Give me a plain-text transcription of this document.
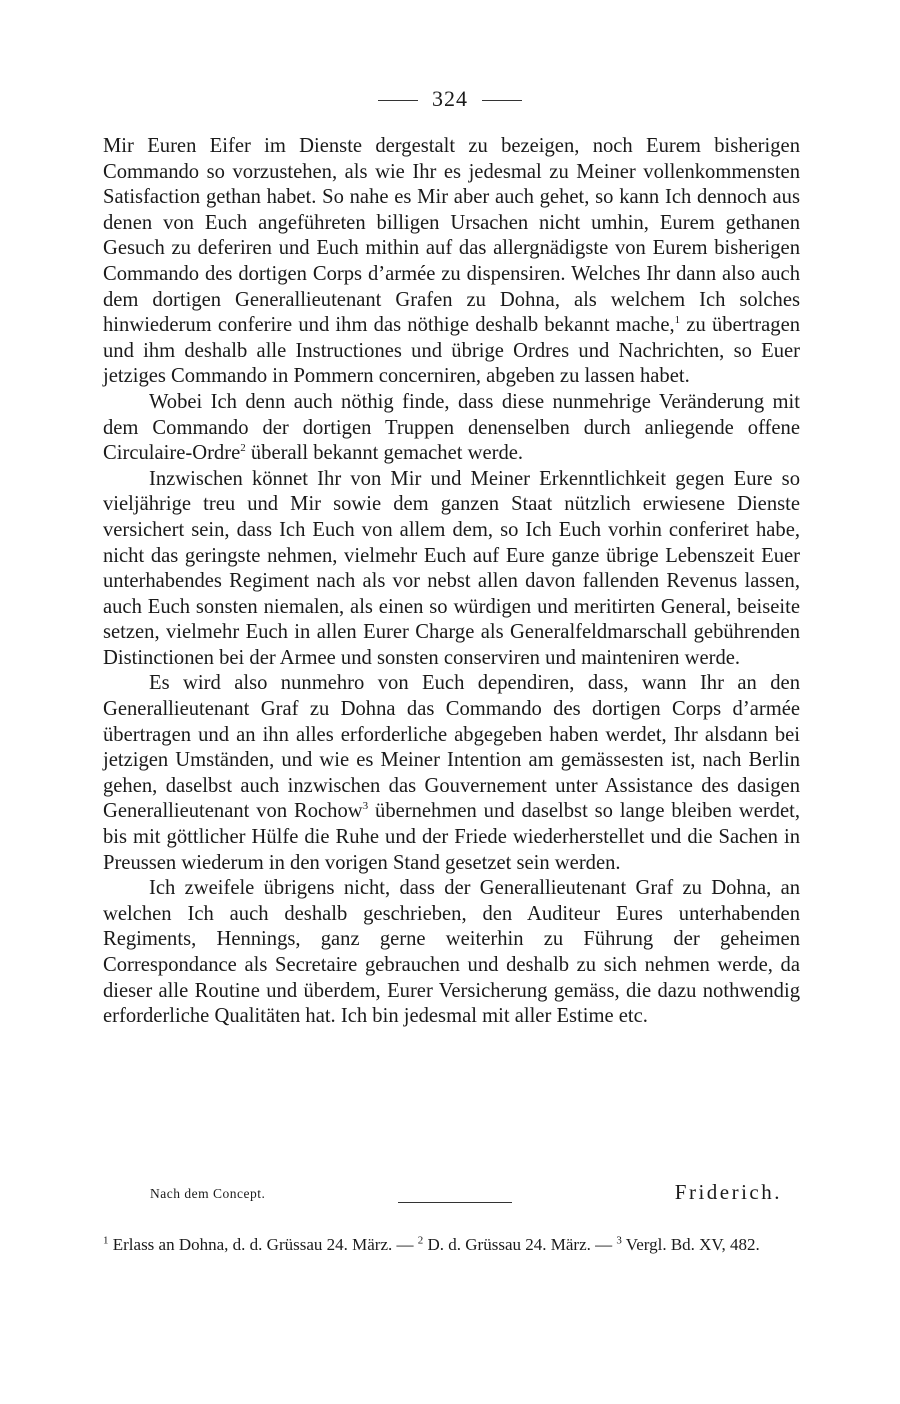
324

Mir Euren Eifer im Dienste dergestalt zu bezeigen, noch Eurem bisherigen Commando so vorzustehen, als wie Ihr es jedesmal zu Meiner vollenkommensten Satisfaction gethan habet. So nahe es Mir aber auch gehet, so kann Ich dennoch aus denen von Euch angeführeten billigen Ursachen nicht umhin, Eurem gethanen Gesuch zu deferiren und Euch mithin auf das allergnädigste von Eurem bisherigen Commando des dortigen Corps d’armée zu dispensiren. Welches Ihr dann also auch dem dortigen Generallieutenant Grafen zu Dohna, als welchem Ich solches hinwiederum conferire und ihm das nöthige deshalb bekannt mache,$^1$ zu übertragen und ihm deshalb alle Instructiones und übrige Ordres und Nachrichten, so Euer jetziges Commando in Pommern concerniren, abgeben zu lassen habet.

Wobei Ich denn auch nöthig finde, dass diese nunmehrige Veränderung mit dem Commando der dortigen Truppen denenselben durch anliegende offene Circulaire-Ordre$^2$ überall bekannt gemachet werde.

Inzwischen könnet Ihr von Mir und Meiner Erkenntlichkeit gegen Eure so vieljährige treu und Mir sowie dem ganzen Staat nützlich erwiesene Dienste versichert sein, dass Ich Euch von allem dem, so Ich Euch vorhin conferiret habe, nicht das geringste nehmen, vielmehr Euch auf Eure ganze übrige Lebenszeit Euer unterhabendes Regiment nach als vor nebst allen davon fallenden Revenus lassen, auch Euch sonsten niemalen, als einen so würdigen und meritirten General, beiseite setzen, vielmehr Euch in allen Eurer Charge als Generalfeldmarschall gebührenden Distinctionen bei der Armee und sonsten conserviren und mainteniren werde.

Es wird also nunmehro von Euch dependiren, dass, wann Ihr an den Generallieutenant Graf zu Dohna das Commando des dortigen Corps d’armée übertragen und an ihn alles erforderliche abgegeben haben werdet, Ihr alsdann bei jetzigen Umständen, und wie es Meiner Intention am gemässesten ist, nach Berlin gehen, daselbst auch inzwischen das Gouvernement unter Assistance des dasigen Generallieutenant von Rochow$^3$ übernehmen und daselbst so lange bleiben werdet, bis mit göttlicher Hülfe die Ruhe und der Friede wiederherstellet und die Sachen in Preussen wiederum in den vorigen Stand gesetzet sein werden.

Ich zweifele übrigens nicht, dass der Generallieutenant Graf zu Dohna, an welchen Ich auch deshalb geschrieben, den Auditeur Eures unterhabenden Regiments, Hennings, ganz gerne weiterhin zu Führung der geheimen Correspondance als Secretaire gebrauchen und deshalb zu sich nehmen werde, da dieser alle Routine und überdem, Eurer Versicherung gemäss, die dazu nothwendig erforderliche Qualitäten hat. Ich bin jedesmal mit aller Estime etc.

Nach dem Concept.	Friderich.

$^1$ Erlass an Dohna, d. d. Grüssau 24. März. — $^2$ D. d. Grüssau 24. März. — $^3$ Vergl. Bd. XV, 482.
